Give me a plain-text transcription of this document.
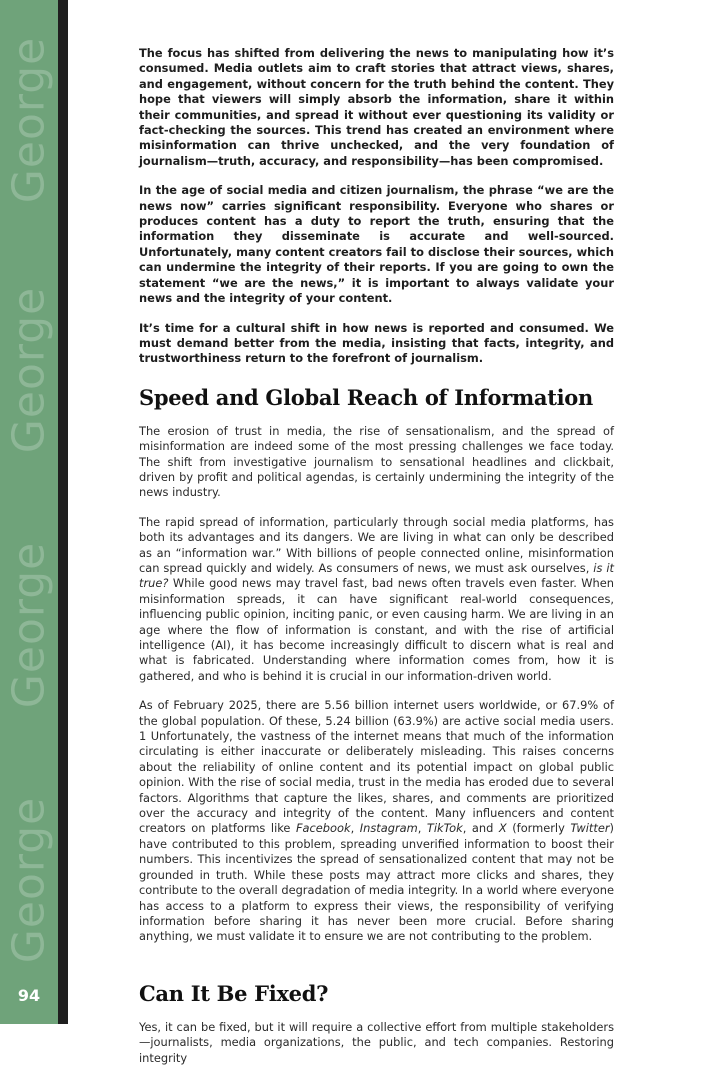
George
George
George
George
94

The focus has shifted from delivering the news to manipulating how it’s consumed. Media outlets aim to craft stories that attract views, shares, and engagement, without concern for the truth behind the content. They hope that viewers will simply absorb the information, share it within their communities, and spread it without ever questioning its validity or fact-checking the sources. This trend has created an environment where misinformation can thrive unchecked, and the very foundation of journalism—truth, accuracy, and responsibility—has been compromised.

In the age of social media and citizen journalism, the phrase “we are the news now” carries significant responsibility. Everyone who shares or produces content has a duty to report the truth, ensuring that the information they disseminate is accurate and well-sourced. Unfortunately, many content creators fail to disclose their sources, which can undermine the integrity of their reports. If you are going to own the statement “we are the news,” it is important to always validate your news and the integrity of your content.

It’s time for a cultural shift in how news is reported and consumed. We must demand better from the media, insisting that facts, integrity, and trustworthiness return to the forefront of journalism.

Speed and Global Reach of Information

The erosion of trust in media, the rise of sensationalism, and the spread of misinformation are indeed some of the most pressing challenges we face today. The shift from investigative journalism to sensational headlines and clickbait, driven by profit and political agendas, is certainly undermining the integrity of the news industry.

The rapid spread of information, particularly through social media platforms, has both its advantages and its dangers. We are living in what can only be described as an “information war.” With billions of people connected online, misinformation can spread quickly and widely. As consumers of news, we must ask ourselves, is it true? While good news may travel fast, bad news often travels even faster. When misinformation spreads, it can have significant real-world consequences, influencing public opinion, inciting panic, or even causing harm. We are living in an age where the flow of information is constant, and with the rise of artificial intelligence (AI), it has become increasingly difficult to discern what is real and what is fabricated. Understanding where information comes from, how it is gathered, and who is behind it is crucial in our information-driven world.

As of February 2025, there are 5.56 billion internet users worldwide, or 67.9% of the global population. Of these, 5.24 billion (63.9%) are active social media users. 1 Unfortunately, the vastness of the internet means that much of the information circulating is either inaccurate or deliberately misleading. This raises concerns about the reliability of online content and its potential impact on global public opinion. With the rise of social media, trust in the media has eroded due to several factors. Algorithms that capture the likes, shares, and comments are prioritized over the accuracy and integrity of the content. Many influencers and content creators on platforms like Facebook, Instagram, TikTok, and X (formerly Twitter) have contributed to this problem, spreading unverified information to boost their numbers. This incentivizes the spread of sensationalized content that may not be grounded in truth. While these posts may attract more clicks and shares, they contribute to the overall degradation of media integrity. In a world where everyone has access to a platform to express their views, the responsibility of verifying information before sharing it has never been more crucial. Before sharing anything, we must validate it to ensure we are not contributing to the problem.

Can It Be Fixed?

Yes, it can be fixed, but it will require a collective effort from multiple stakeholders—journalists, media organizations, the public, and tech companies. Restoring integrity
